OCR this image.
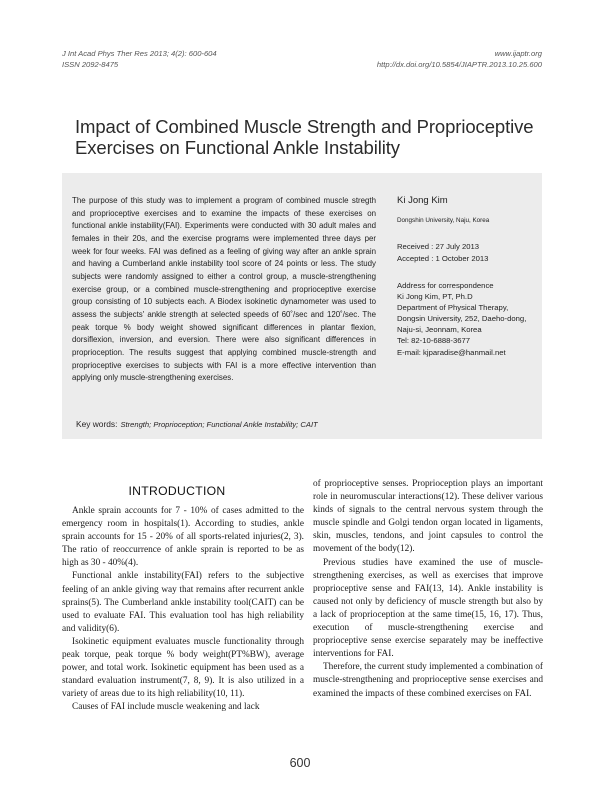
J Int Acad Phys Ther Res 2013; 4(2): 600-604
ISSN 2092-8475
www.ijaptr.org
http://dx.doi.org/10.5854/JIAPTR.2013.10.25.600
Impact of Combined Muscle Strength and Proprioceptive Exercises on Functional Ankle Instability
The purpose of this study was to implement a program of combined muscle stregth and proprioceptive exercises and to examine the impacts of these exercises on functional ankle instability(FAI). Experiments were conducted with 30 adult males and females in their 20s, and the exercise programs were implemented three days per week for four weeks. FAI was defined as a feeling of giving way after an ankle sprain and having a Cumberland ankle instability tool score of 24 points or less. The study subjects were randomly assigned to either a control group, a muscle-strengthening exercise group, or a combined muscle-strengthening and proprioceptive exercise group consisting of 10 subjects each. A Biodex isokinetic dynamometer was used to assess the subjects' ankle strength at selected speeds of 60˚/sec and 120˚/sec. The peak torque % body weight showed significant differences in plantar flexion, dorsiflexion, inversion, and eversion. There were also significant differences in proprioception. The results suggest that applying combined muscle-strength and proprioceptive exercises to subjects with FAI is a more effective intervention than applying only muscle-strengthening exercises.
Ki Jong Kim
Dongshin University, Naju, Korea
Received : 27 July 2013
Accepted : 1 October 2013
Address for correspondence
Ki Jong Kim, PT, Ph.D
Department of Physical Therapy,
Dongsin University, 252, Daeho-dong,
Naju-si, Jeonnam, Korea
Tel: 82-10-6888-3677
E-mail: kjparadise@hanmail.net
Key words: Strength; Proprioception; Functional Ankle Instability; CAIT
INTRODUCTION

Ankle sprain accounts for 7 - 10% of cases admitted to the emergency room in hospitals(1). According to studies, ankle sprain accounts for 15 - 20% of all sports-related injuries(2, 3). The ratio of reoccurrence of ankle sprain is reported to be as high as 30 - 40%(4).

Functional ankle instability(FAI) refers to the subjective feeling of an ankle giving way that remains after recurrent ankle sprains(5). The Cumberland ankle instability tool(CAIT) can be used to evaluate FAI. This evaluation tool has high reliability and validity(6).

Isokinetic equipment evaluates muscle functionality through peak torque, peak torque % body weight(PT%BW), average power, and total work. Isokinetic equipment has been used as a standard evaluation instrument(7, 8, 9). It is also utilized in a variety of areas due to its high reliability(10, 11).

Causes of FAI include muscle weakening and lack

of proprioceptive senses. Proprioception plays an important role in neuromuscular interactions(12). These deliver various kinds of signals to the central nervous system through the muscle spindle and Golgi tendon organ located in ligaments, skin, muscles, tendons, and joint capsules to control the movement of the body(12).

Previous studies have examined the use of muscle-strengthening exercises, as well as exercises that improve proprioceptive sense and FAI(13, 14). Ankle instability is caused not only by deficiency of muscle strength but also by a lack of proprioception at the same time(15, 16, 17). Thus, execution of muscle-strengthening exercise and proprioceptive sense exercise separately may be ineffective interventions for FAI.

Therefore, the current study implemented a combination of muscle-strengthening and proprioceptive sense exercises and examined the impacts of these combined exercises on FAI.

600
